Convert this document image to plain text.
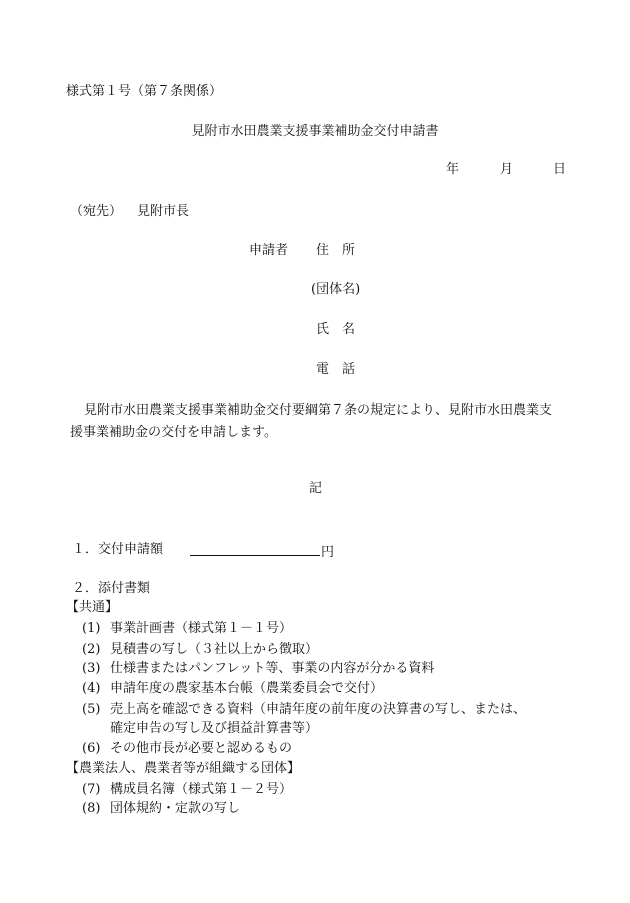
様式第１号（第７条関係）
見附市水田農業支援事業補助金交付申請書
年	月	日
（宛先） 見附市長
申請者 住　所
(団体名)
氏　名
電　話
見附市水田農業支援事業補助金交付要綱第７条の規定により、見附市水田農業支
援事業補助金の交付を申請します。
記
１．交付申請額	円
２．添付書類
【共通】
(1) 事業計画書（様式第１－１号）
(2) 見積書の写し（３社以上から徴取）
(3) 仕様書またはパンフレット等、事業の内容が分かる資料
(4) 申請年度の農家基本台帳（農業委員会で交付）
(5) 売上高を確認できる資料（申請年度の前年度の決算書の写し、または、
確定申告の写し及び損益計算書等）
(6) その他市長が必要と認めるもの
【農業法人、農業者等が組織する団体】
(7) 構成員名簿（様式第１－２号）
(8) 団体規約・定款の写し
